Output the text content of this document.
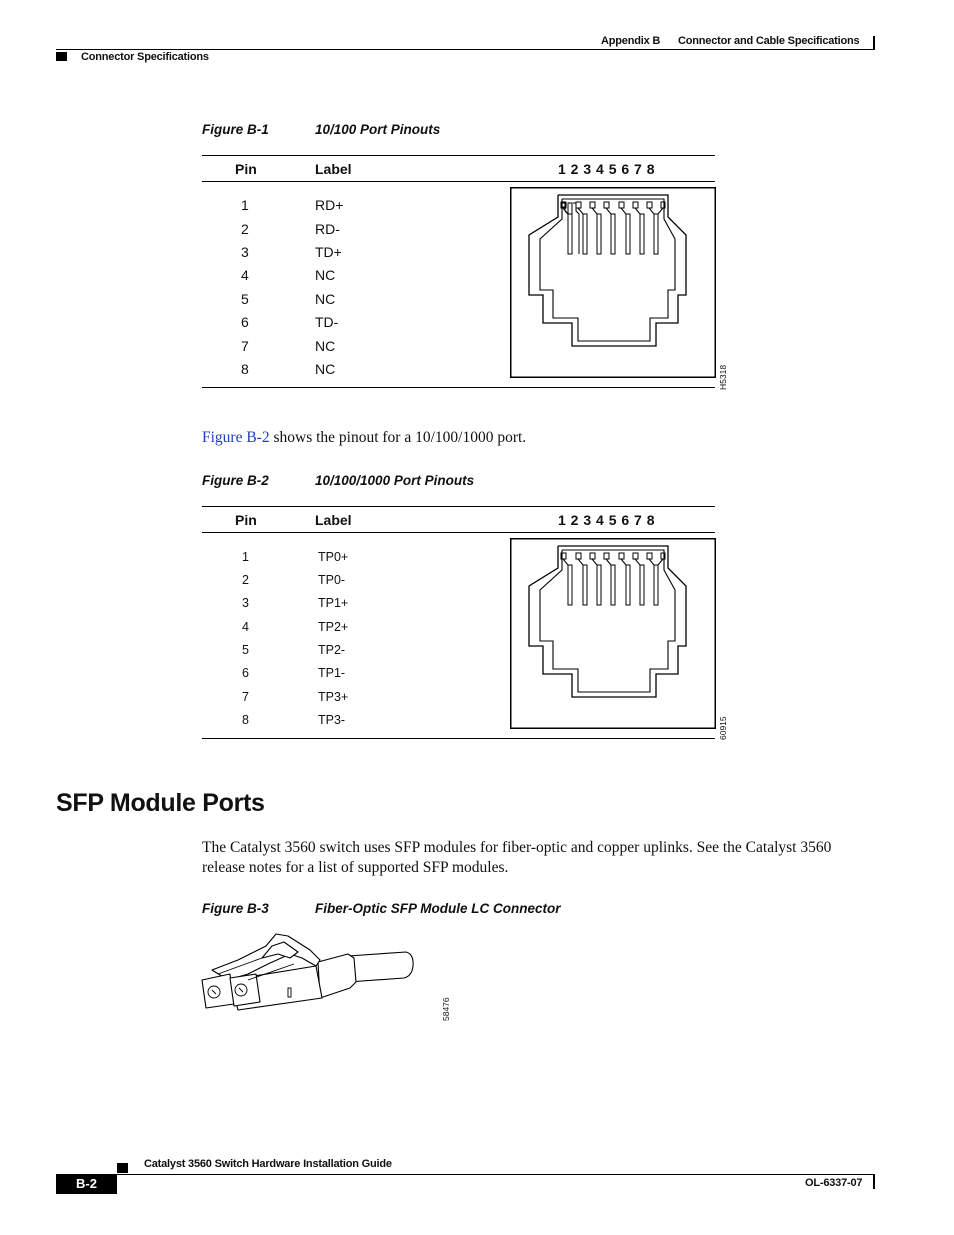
Appendix B Connector and Cable Specifications
Connector Specifications
Figure B-1	10/100 Port Pinouts
Pin	Label	1 2 3 4 5 6 7 8
1	RD+
2	RD-
3	TD+
4	NC
5	NC
6	TD-
7	NC
8	NC	H5318
Figure B-2 shows the pinout for a 10/100/1000 port.
Figure B-2	10/100/1000 Port Pinouts
Pin	Label	1 2 3 4 5 6 7 8
1	TP0+
2	TP0-
3	TP1+
4	TP2+
5	TP2-
6	TP1-
7	TP3+
8	TP3-	60915
SFP Module Ports
The Catalyst 3560 switch uses SFP modules for fiber-optic and copper uplinks. See the Catalyst 3560 release notes for a list of supported SFP modules.
Figure B-3	Fiber-Optic SFP Module LC Connector
58476
Catalyst 3560 Switch Hardware Installation Guide
B-2	OL-6337-07
